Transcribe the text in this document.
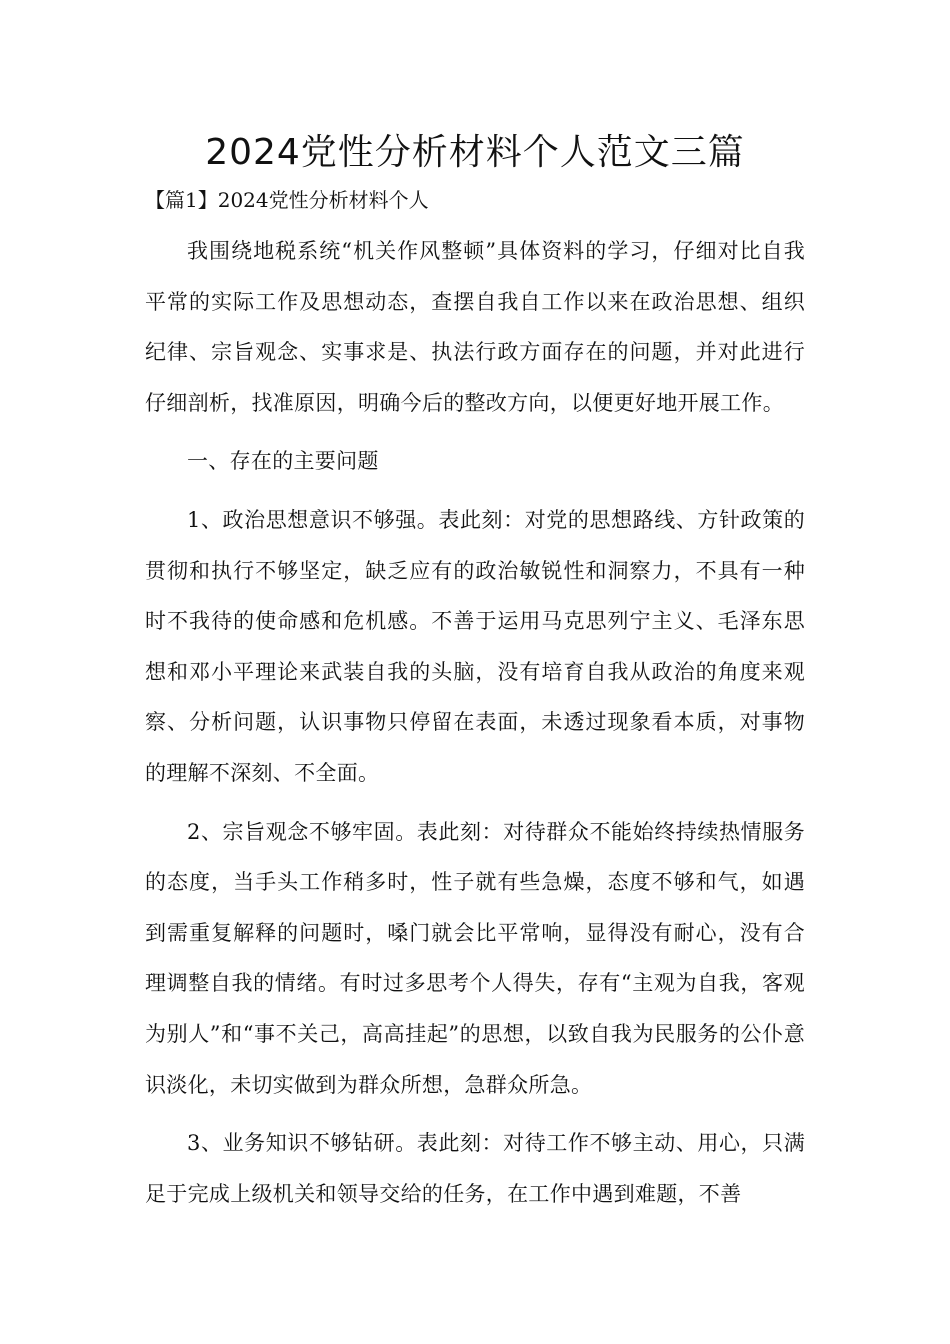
2024党性分析材料个人范文三篇
【篇1】2024党性分析材料个人

我围绕地税系统“机关作风整顿”具体资料的学习，仔细对比自我平常的实际工作及思想动态，查摆自我自工作以来在政治思想、组织纪律、宗旨观念、实事求是、执法行政方面存在的问题，并对此进行仔细剖析，找准原因，明确今后的整改方向，以便更好地开展工作。

一、存在的主要问题

1、政治思想意识不够强。表此刻：对党的思想路线、方针政策的贯彻和执行不够坚定，缺乏应有的政治敏锐性和洞察力，不具有一种时不我待的使命感和危机感。不善于运用马克思列宁主义、毛泽东思想和邓小平理论来武装自我的头脑，没有培育自我从政治的角度来观察、分析问题，认识事物只停留在表面，未透过现象看本质，对事物的理解不深刻、不全面。

2、宗旨观念不够牢固。表此刻：对待群众不能始终持续热情服务的态度，当手头工作稍多时，性子就有些急燥，态度不够和气，如遇到需重复解释的问题时，嗓门就会比平常响，显得没有耐心，没有合理调整自我的情绪。有时过多思考个人得失，存有“主观为自我，客观为别人”和“事不关己，高高挂起”的思想，以致自我为民服务的公仆意识淡化，未切实做到为群众所想，急群众所急。

3、业务知识不够钻研。表此刻：对待工作不够主动、用心，只满足于完成上级机关和领导交给的任务，在工作中遇到难题，不善
